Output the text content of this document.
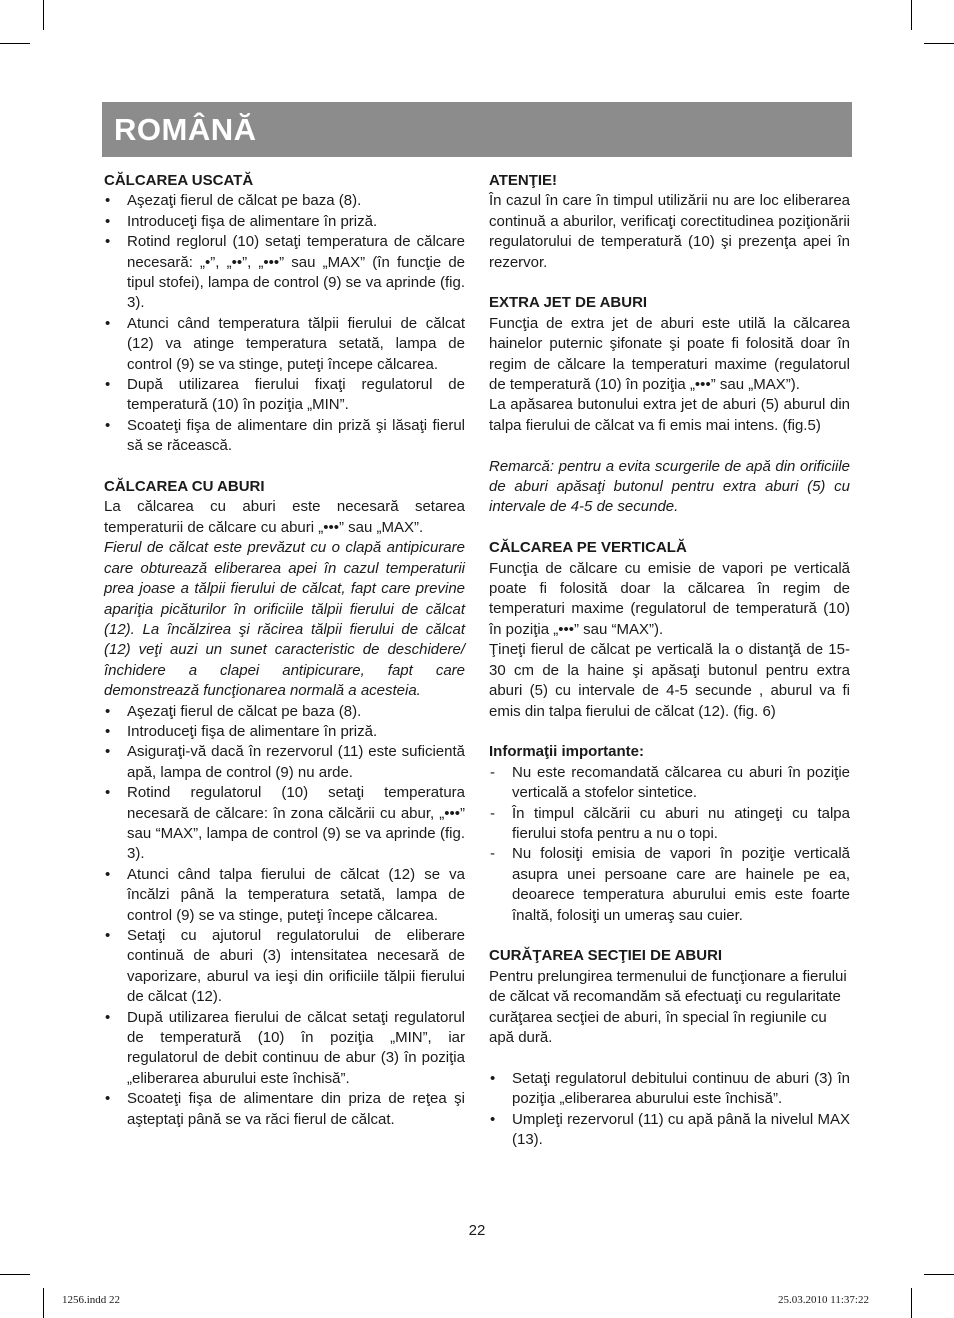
ROMÂNĂ

CĂLCAREA USCATĂ

• Aşezaţi fierul de călcat pe baza (8).
• Introduceţi fişa de alimentare în priză.
• Rotind reglorul (10) setaţi temperatura de călcare necesară: „•”, „••”, „•••” sau „MAX” (în funcţie de tipul stofei), lampa de control (9) se va aprinde (fig. 3).
• Atunci când temperatura tălpii fierului de călcat (12) va atinge temperatura setată, lampa de control (9) se va stinge, puteţi începe călcarea.
• După utilizarea fierului fixaţi regulatorul de temperatură (10) în poziţia „MIN”.
• Scoateţi fişa de alimentare din priză şi lăsaţi fierul să se răcească.

CĂLCAREA CU ABURI

La călcarea cu aburi este necesară setarea temperaturii de călcare cu aburi „•••” sau „MAX”.

Fierul de călcat este prevăzut cu o clapă antipicurare care obturează eliberarea apei în cazul temperaturii prea joase a tălpii fierului de călcat, fapt care previne apariţia picăturilor în orificiile tălpii fierului de călcat (12). La încălzirea şi răcirea tălpii fierului de călcat (12) veţi auzi un sunet caracteristic de deschidere/închidere a clapei antipicurare, fapt care demonstrează funcţionarea normală a acesteia.

• Aşezaţi fierul de călcat pe baza (8).
• Introduceţi fişa de alimentare în priză.
• Asiguraţi-vă dacă în rezervorul (11) este suficientă apă, lampa de control (9) nu arde.
• Rotind regulatorul (10) setaţi temperatura necesară de călcare: în zona călcării cu abur, „•••” sau “MAX”, lampa de control (9) se va aprinde (fig. 3).
• Atunci când talpa fierului de călcat (12) se va încălzi până la temperatura setată, lampa de control (9) se va stinge, puteţi începe călcarea.
• Setaţi cu ajutorul regulatorului de eliberare continuă de aburi (3) intensitatea necesară de vaporizare, aburul va ieşi din orificiile tălpii fierului de călcat (12).
• După utilizarea fierului de călcat setaţi regulatorul de temperatură (10) în poziţia „MIN”, iar regulatorul de debit continuu de abur (3) în poziţia „eliberarea aburului este închisă”.
• Scoateţi fişa de alimentare din priza de reţea şi aşteptaţi până se va răci fierul de călcat.

ATENŢIE!

În cazul în care în timpul utilizării nu are loc eliberarea continuă a aburilor, verificaţi corectitudinea poziţionării regulatorului de temperatură (10) şi prezenţa apei în rezervor.

EXTRA JET DE ABURI

Funcţia de extra jet de aburi este utilă la călcarea hainelor puternic şifonate şi poate fi folosită doar în regim de călcare la temperaturi maxime (regulatorul de temperatură (10) în poziţia „•••” sau „MAX”).

La apăsarea butonului extra jet de aburi (5) aburul din talpa fierului de călcat va fi emis mai intens. (fig.5)

Remarcă: pentru a evita scurgerile de apă din orificiile de aburi apăsaţi butonul pentru extra aburi (5) cu intervale de 4-5 de secunde.

CĂLCAREA PE VERTICALĂ

Funcţia de călcare cu emisie de vapori pe verticală poate fi folosită doar la călcarea în regim de temperaturi maxime (regulatorul de temperatură (10) în poziţia „•••” sau “MAX”).

Ţineţi fierul de călcat pe verticală la o distanţă de 15-30 cm de la haine şi apăsaţi butonul pentru extra aburi (5) cu intervale de 4-5 secunde , aburul va fi emis din talpa fierului de călcat (12). (fig. 6)

Informaţii importante:

- Nu este recomandată călcarea cu aburi în poziţie verticală a stofelor sintetice.
- În timpul călcării cu aburi nu atingeţi cu talpa fierului stofa pentru a nu o topi.
- Nu folosiţi emisia de vapori în poziţie verticală asupra unei persoane care are hainele pe ea, deoarece temperatura aburului emis este foarte înaltă, folosiţi un umeraş sau cuier.

CURĂŢAREA SECŢIEI DE ABURI

Pentru prelungirea termenului de funcţionare a fierului de călcat vă recomandăm să efectuaţi cu regularitate curăţarea secţiei de aburi, în special în regiunile cu apă dură.

• Setaţi regulatorul debitului continuu de aburi (3) în poziţia „eliberarea aburului este închisă”.
• Umpleţi rezervorul (11) cu apă până la nivelul MAX (13).
22
1256.indd 22	25.03.2010 11:37:22
